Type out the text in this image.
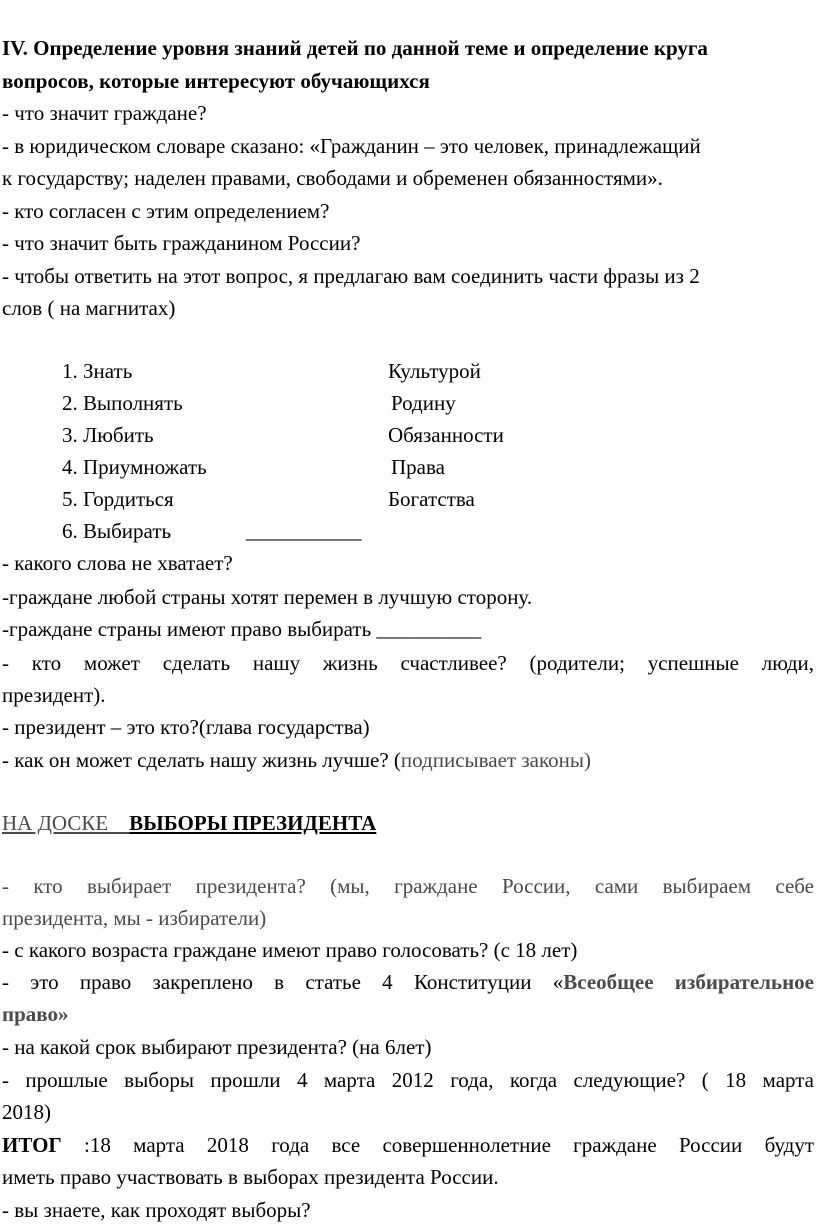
IV. Определение уровня знаний детей по данной теме и определение круга
вопросов, которые интересуют обучающихся
- что значит граждане?
- в юридическом словаре сказано: «Гражданин – это человек, принадлежащий
к государству; наделен правами, свободами и обременен обязанностями».
- кто согласен с этим определением?
- что значит быть гражданином России?
- чтобы ответить на этот вопрос, я предлагаю вам соединить части фразы из 2
слов ( на магнитах)
1. Знать	Культурой
2. Выполнять	Родину
3. Любить	Обязанности
4. Приумножать	Права
5. Гордиться	Богатства
6. Выбирать	___________
- какого слова не хватает?
-граждане любой страны хотят перемен в лучшую сторону.
-граждане страны имеют право выбирать __________
- кто может сделать нашу жизнь счастливее? (родители; успешные люди,
президент).
- президент – это кто?(глава государства)
- как он может сделать нашу жизнь лучше? (подписывает законы)
НА ДОСКЕ    ВЫБОРЫ ПРЕЗИДЕНТА
- кто выбирает президента? (мы, граждане России, сами выбираем себе
президента, мы - избиратели)
- с какого возраста граждане имеют право голосовать? (с 18 лет)
- это право закреплено в статье 4 Конституции «Всеобщее избирательное
право»
- на какой срок выбирают президента? (на 6лет)
- прошлые выборы прошли 4 марта 2012 года, когда следующие? ( 18 марта
2018)
ИТОГ :18 марта 2018 года все совершеннолетние граждане России будут
иметь право участвовать в выборах президента России.
- вы знаете, как проходят выборы?
